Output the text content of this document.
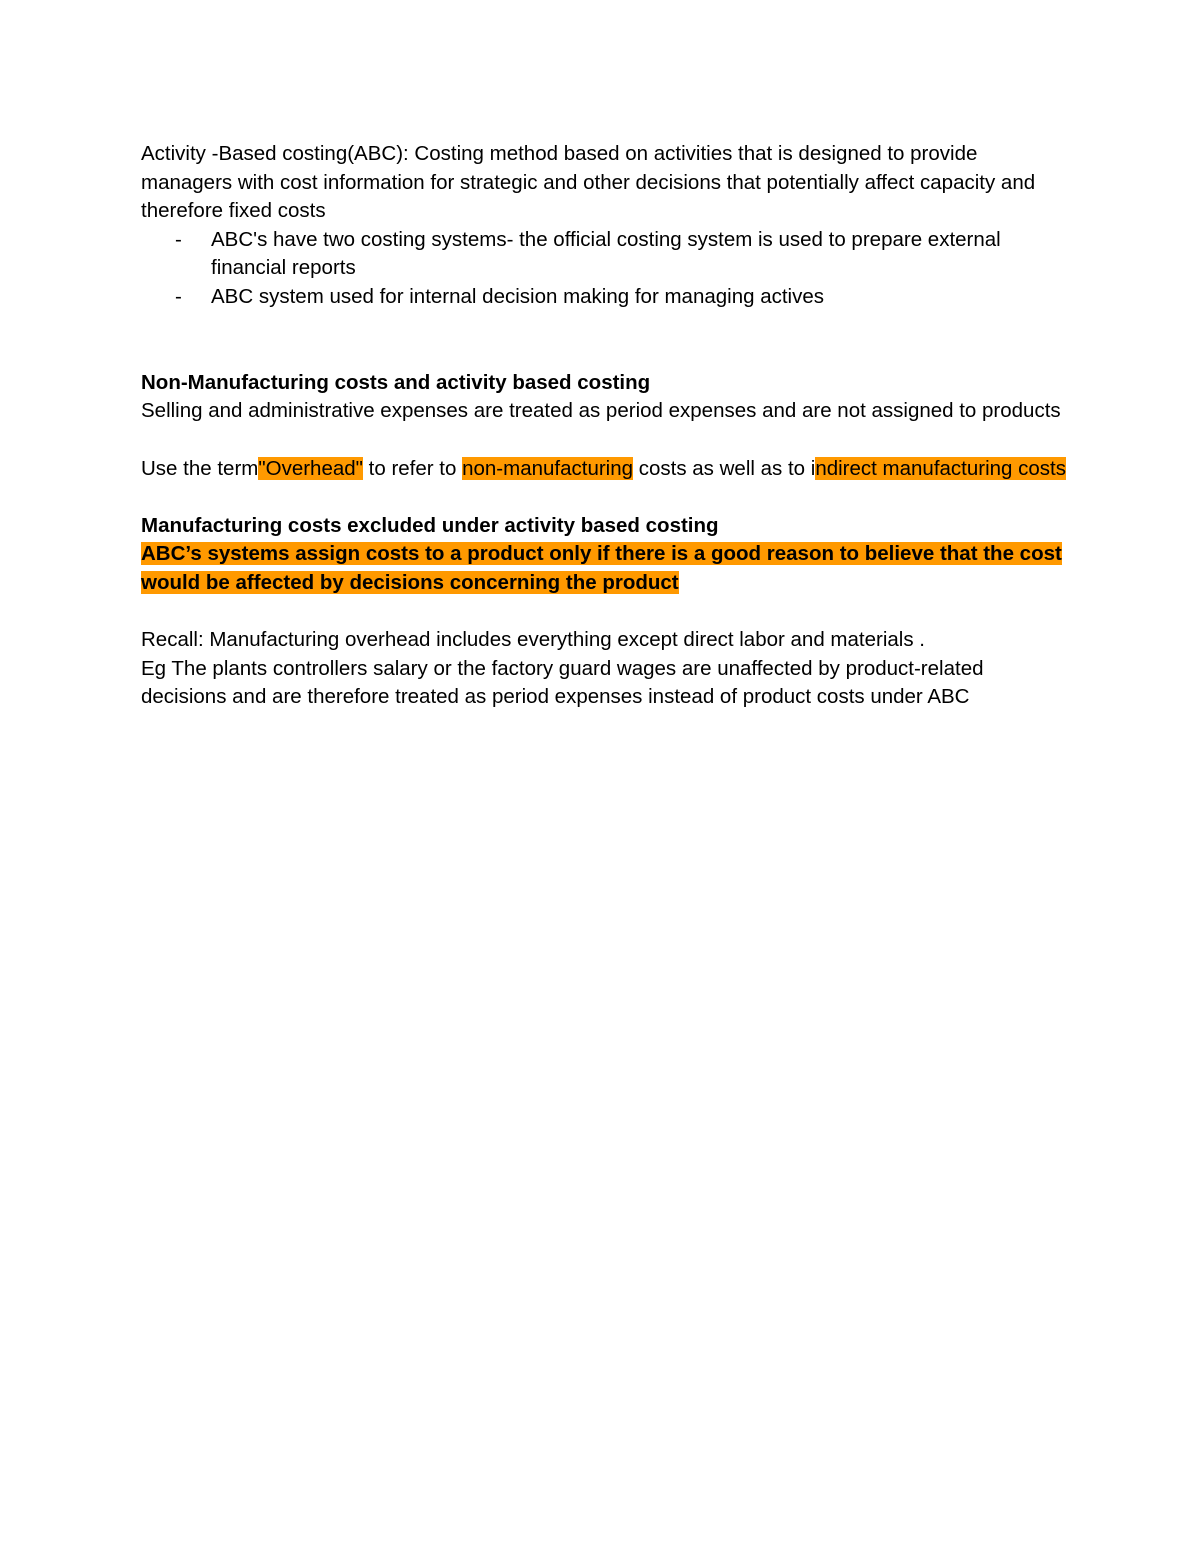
Activity -Based costing(ABC): Costing method based on activities that is designed to provide managers with cost information for strategic and other decisions that potentially affect capacity and therefore fixed costs

- ABC's have two costing systems- the official costing system is used to prepare external financial reports
- ABC system used for internal decision making for managing actives

Non-Manufacturing costs and activity based costing

Selling and administrative expenses are treated as period expenses and are not assigned to products

Use the term"Overhead" to refer to non-manufacturing costs as well as to indirect manufacturing costs

Manufacturing costs excluded under activity based costing

ABC’s systems assign costs to a product only if there is a good reason to believe that the cost would be affected by decisions concerning the product

Recall: Manufacturing overhead includes everything except direct labor and materials .

Eg The plants controllers salary or the factory guard wages are unaffected by product-related decisions and are therefore treated as period expenses instead of product costs under ABC
